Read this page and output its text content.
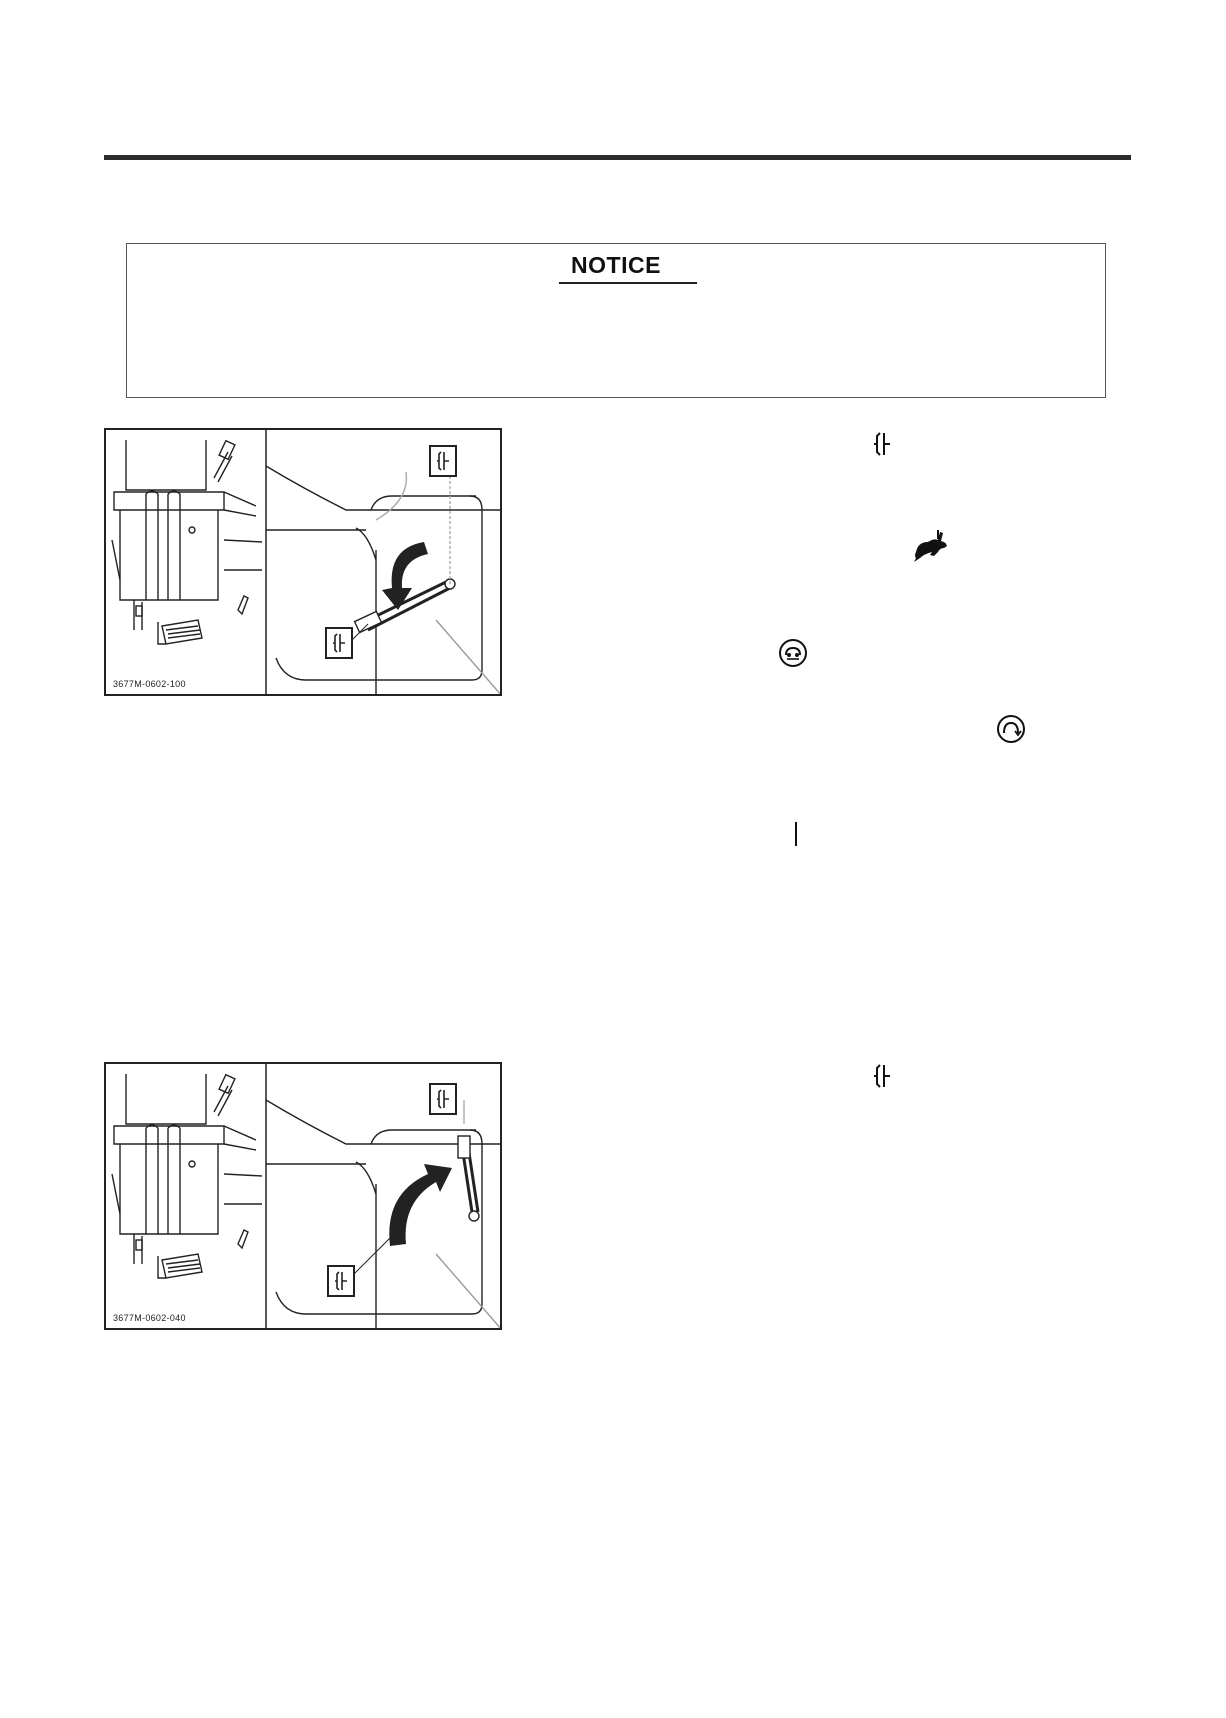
NOTICE
3677M-0602-100
3677M-0602-040
